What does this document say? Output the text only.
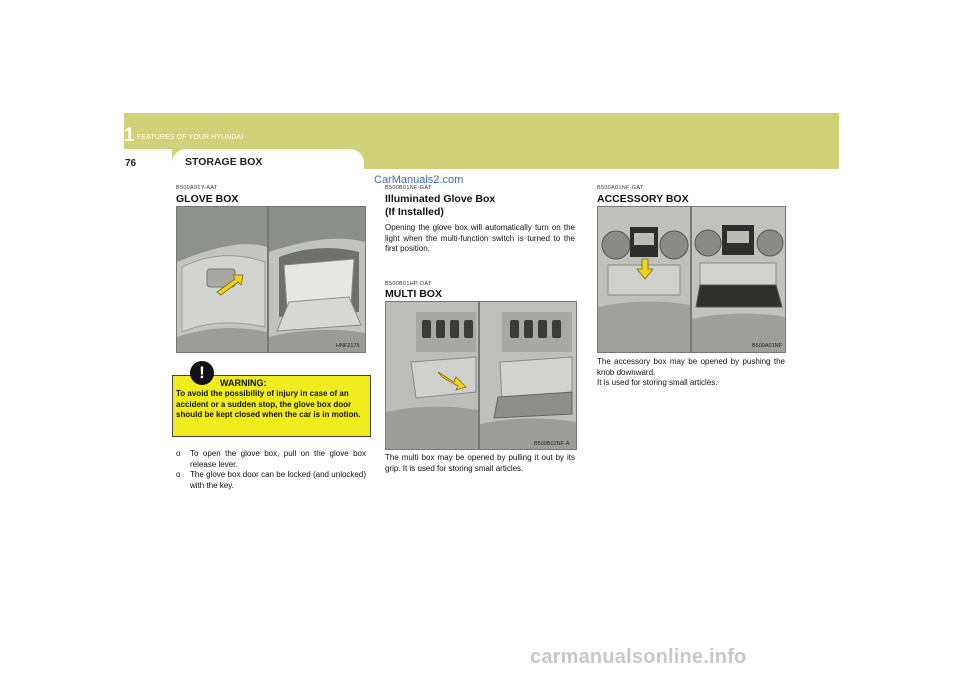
1 FEATURES OF YOUR HYUNDAI
76	STORAGE BOX
B500A01Y-AAT
GLOVE BOX
HNF2175
!
WARNING:
To avoid the possibility of injury in case of an accident or a sudden stop, the glove box door should be kept closed when the car is in motion.
o To open the glove box, pull on the glove box release lever.
o The glove box door can be locked (and unlocked) with the key.
CarManuals2.com
B500B01NF-GAT
Illuminated Glove Box
(If Installed)
Opening the glove box will automatically turn on the light when the multi-function switch is turned to the first position.
B500B01HP-DAT
MULTI BOX
B500B02NF-A
The multi box may be opened by pulling it out by its grip. It is used for storing small articles.
B500A01NF-GAT
ACCESSORY BOX
B500A01NF
The accessory box may be opened by pushing the knob downward.
It is used for storing small articles.
carmanualsonline.info
